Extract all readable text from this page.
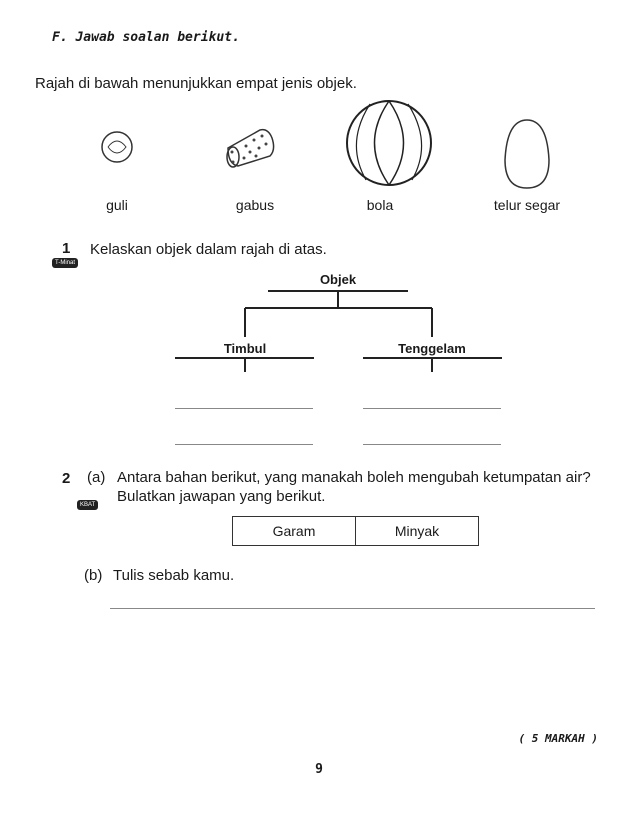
F. Jawab soalan berikut.
Rajah di bawah menunjukkan empat jenis objek.
guli	gabus	bola	telur segar
1
T-Minat
Kelaskan objek dalam rajah di atas.
Objek
Timbul	Tenggelam
2
KBAT
(a) Antara bahan berikut, yang manakah boleh mengubah ketumpatan air?
Bulatkan jawapan yang berikut.
Garam	Minyak
(b) Tulis sebab kamu.
( 5 MARKAH )
9
